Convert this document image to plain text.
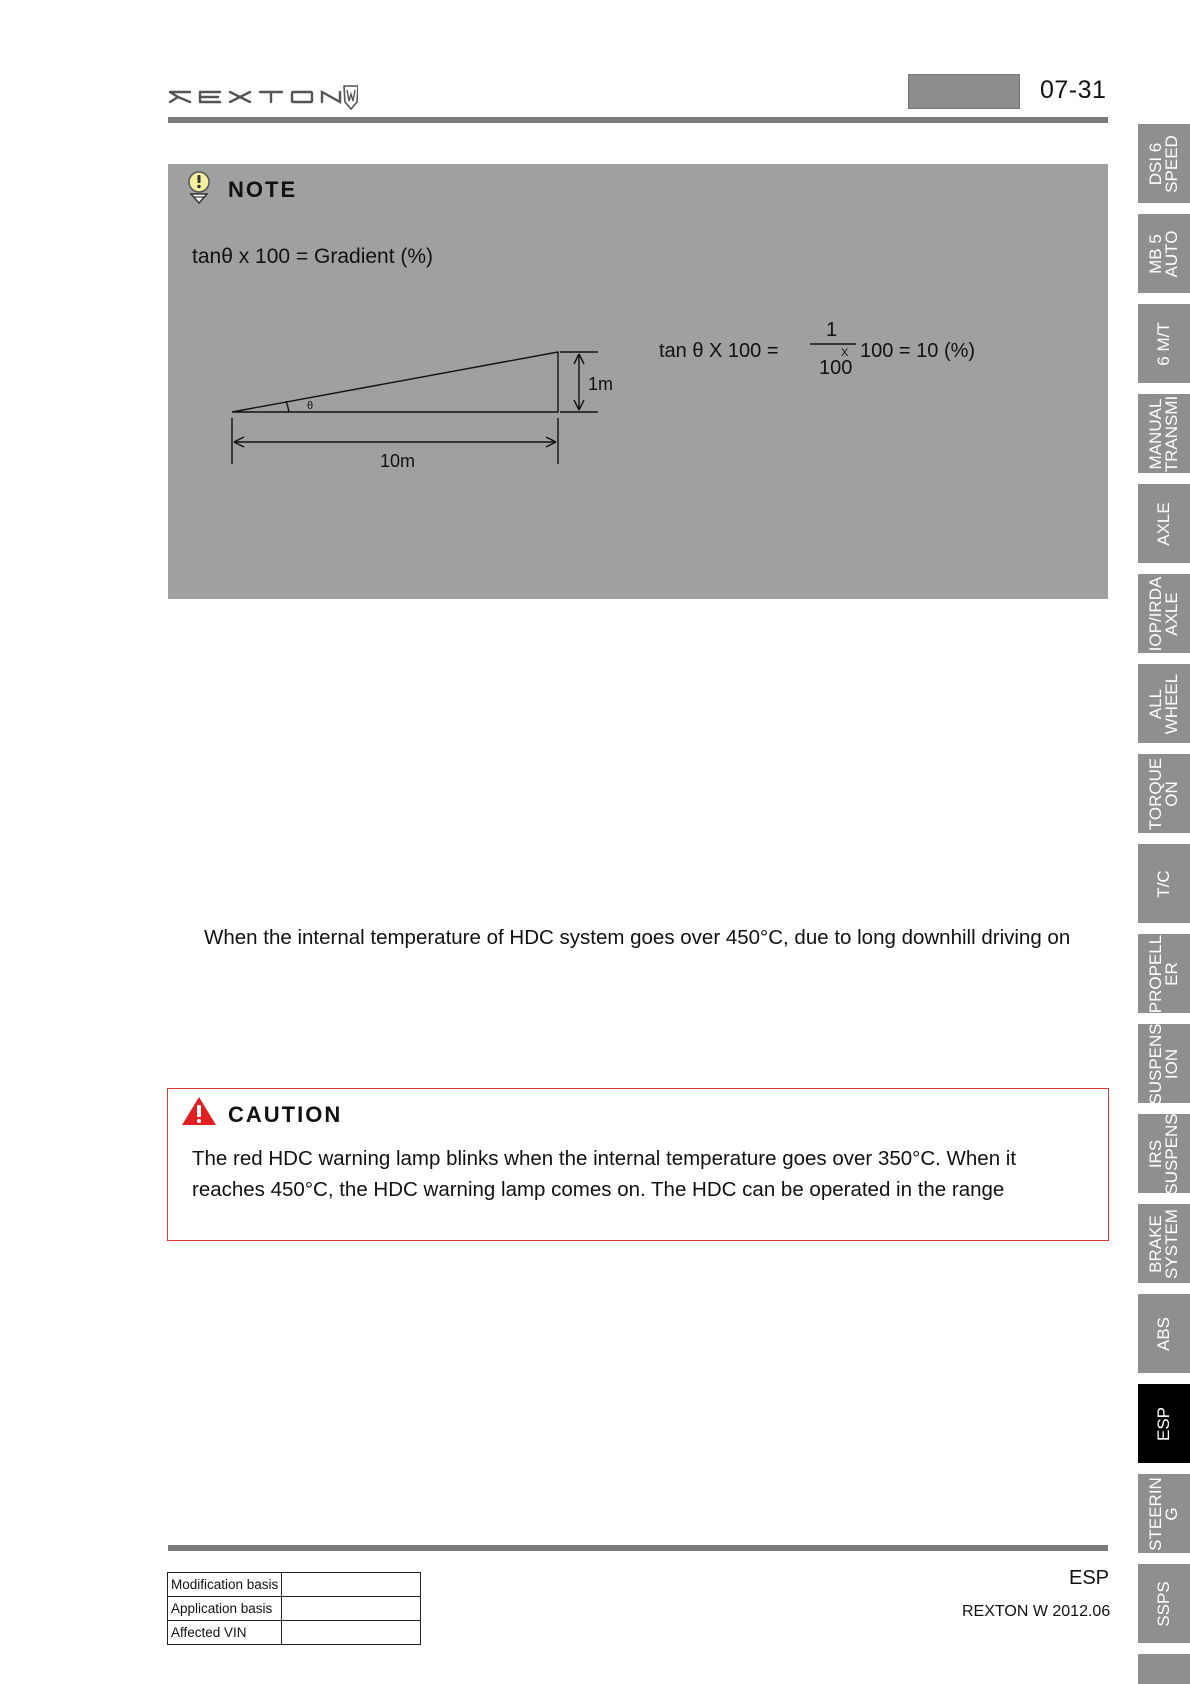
07-31
NOTE
tanθ x 100 = Gradient (%)
θ
1m
10m
tan θ X 100 =
1
100
X 100 = 10 (%)
When the internal temperature of HDC system goes over 450°C, due to long downhill driving on
CAUTION
The red HDC warning lamp blinks when the internal temperature goes over 350°C. When it
reaches 450°C, the HDC warning lamp comes on. The HDC can be operated in the range
Modification basis	
Application basis	
Affected VIN	
ESP
REXTON W 2012.06
DSI 6
SPEED
MB 5
AUTO
6 M/T
MANUAL
TRANSMI
AXLE
IOP/IRDA
AXLE
ALL
WHEEL
TORQUE
ON
T/C
PROPELL
ER
SUSPENS
ION
IRS
SUSPENS
BRAKE
SYSTEM
ABS
ESP
STEERIN
G
SSPS
